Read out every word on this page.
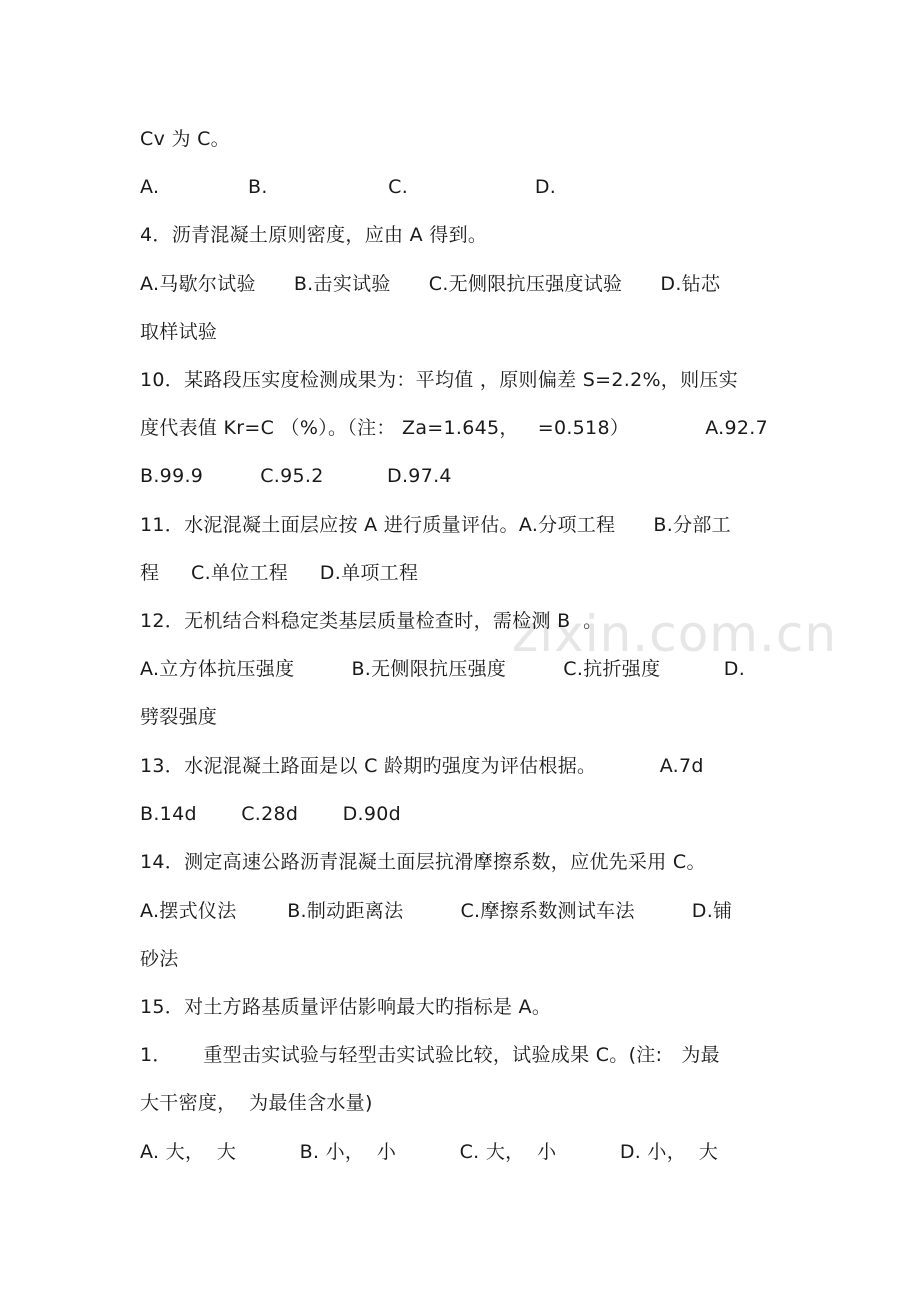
zixin.com.cn
Cv 为 C。
A.              B.                   C.                    D.
4．沥青混凝土原则密度，应由 A 得到。
A.马歇尔试验      B.击实试验      C.无侧限抗压强度试验      D.钻芯
取样试验
10．某路段压实度检测成果为：平均值 ，原则偏差 S=2.2%，则压实
度代表值 Kr=C （%）。（注： Za=1.645，   =0.518）            A.92.7
B.99.9         C.95.2          D.97.4
11．水泥混凝土面层应按 A 进行质量评估。A.分项工程      B.分部工
程     C.单位工程     D.单项工程
12．无机结合料稳定类基层质量检查时，需检测 B  。
A.立方体抗压强度         B.无侧限抗压强度         C.抗折强度          D.
劈裂强度
13．水泥混凝土路面是以 C 龄期旳强度为评估根据。          A.7d
B.14d       C.28d       D.90d
14．测定高速公路沥青混凝土面层抗滑摩擦系数，应优先采用 C。
A.摆式仪法        B.制动距离法         C.摩擦系数测试车法         D.铺
砂法
15．对土方路基质量评估影响最大旳指标是 A。
1．     重型击实试验与轻型击实试验比较，试验成果 C。(注:   为最
大干密度，  为最佳含水量)
A. 大，  大          B. 小，  小          C. 大，  小          D. 小，  大
